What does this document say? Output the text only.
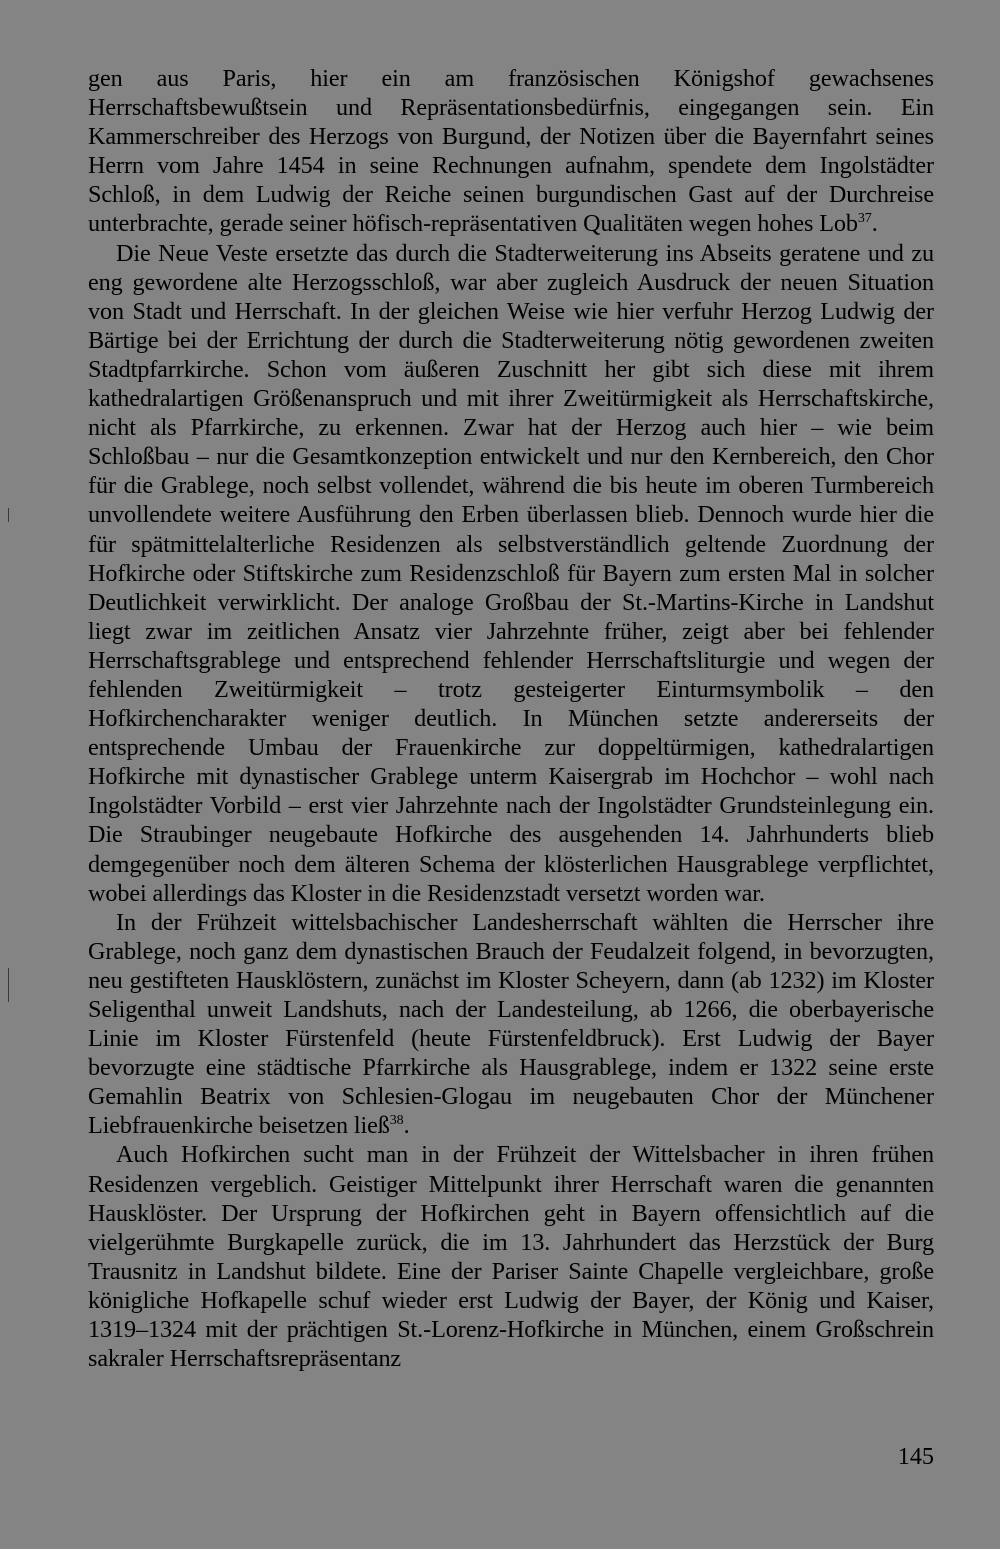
gen aus Paris, hier ein am französischen Königshof gewachsenes Herrschaftsbewußtsein und Repräsentationsbedürfnis, eingegangen sein. Ein Kammerschreiber des Herzogs von Burgund, der Notizen über die Bayernfahrt seines Herrn vom Jahre 1454 in seine Rechnungen aufnahm, spendete dem Ingolstädter Schloß, in dem Ludwig der Reiche seinen burgundischen Gast auf der Durchreise unterbrachte, gerade seiner höfisch-repräsentativen Qualitäten wegen hohes Lob$^{37}$.

Die Neue Veste ersetzte das durch die Stadterweiterung ins Abseits geratene und zu eng gewordene alte Herzogsschloß, war aber zugleich Ausdruck der neuen Situation von Stadt und Herrschaft. In der gleichen Weise wie hier verfuhr Herzog Ludwig der Bärtige bei der Errichtung der durch die Stadterweiterung nötig gewordenen zweiten Stadtpfarrkirche. Schon vom äußeren Zuschnitt her gibt sich diese mit ihrem kathedralartigen Größenanspruch und mit ihrer Zweitürmigkeit als Herrschaftskirche, nicht als Pfarrkirche, zu erkennen. Zwar hat der Herzog auch hier – wie beim Schloßbau – nur die Gesamtkonzeption entwickelt und nur den Kernbereich, den Chor für die Grablege, noch selbst vollendet, während die bis heute im oberen Turmbereich unvollendete weitere Ausführung den Erben überlassen blieb. Dennoch wurde hier die für spätmittelalterliche Residenzen als selbstverständlich geltende Zuordnung der Hofkirche oder Stiftskirche zum Residenzschloß für Bayern zum ersten Mal in solcher Deutlichkeit verwirklicht. Der analoge Großbau der St.-Martins-Kirche in Landshut liegt zwar im zeitlichen Ansatz vier Jahrzehnte früher, zeigt aber bei fehlender Herrschaftsgrablege und entsprechend fehlender Herrschaftsliturgie und wegen der fehlenden Zweitürmigkeit – trotz gesteigerter Einturmsymbolik – den Hofkirchencharakter weniger deutlich. In München setzte andererseits der entsprechende Umbau der Frauenkirche zur doppeltürmigen, kathedralartigen Hofkirche mit dynastischer Grablege unterm Kaisergrab im Hochchor – wohl nach Ingolstädter Vorbild – erst vier Jahrzehnte nach der Ingolstädter Grundsteinlegung ein. Die Straubinger neugebaute Hofkirche des ausgehenden 14. Jahrhunderts blieb demgegenüber noch dem älteren Schema der klösterlichen Hausgrablege verpflichtet, wobei allerdings das Kloster in die Residenzstadt versetzt worden war.

In der Frühzeit wittelsbachischer Landesherrschaft wählten die Herrscher ihre Grablege, noch ganz dem dynastischen Brauch der Feudalzeit folgend, in bevorzugten, neu gestifteten Hausklöstern, zunächst im Kloster Scheyern, dann (ab 1232) im Kloster Seligenthal unweit Landshuts, nach der Landesteilung, ab 1266, die oberbayerische Linie im Kloster Fürstenfeld (heute Fürstenfeldbruck). Erst Ludwig der Bayer bevorzugte eine städtische Pfarrkirche als Hausgrablege, indem er 1322 seine erste Gemahlin Beatrix von Schlesien-Glogau im neugebauten Chor der Münchener Liebfrauenkirche beisetzen ließ$^{38}$.

Auch Hofkirchen sucht man in der Frühzeit der Wittelsbacher in ihren frühen Residenzen vergeblich. Geistiger Mittelpunkt ihrer Herrschaft waren die genannten Hausklöster. Der Ursprung der Hofkirchen geht in Bayern offensichtlich auf die vielgerühmte Burgkapelle zurück, die im 13. Jahrhundert das Herzstück der Burg Trausnitz in Landshut bildete. Eine der Pariser Sainte Chapelle vergleichbare, große königliche Hofkapelle schuf wieder erst Ludwig der Bayer, der König und Kaiser, 1319–1324 mit der prächtigen St.-Lorenz-Hofkirche in München, einem Großschrein sakraler Herrschaftsrepräsentanz

145
